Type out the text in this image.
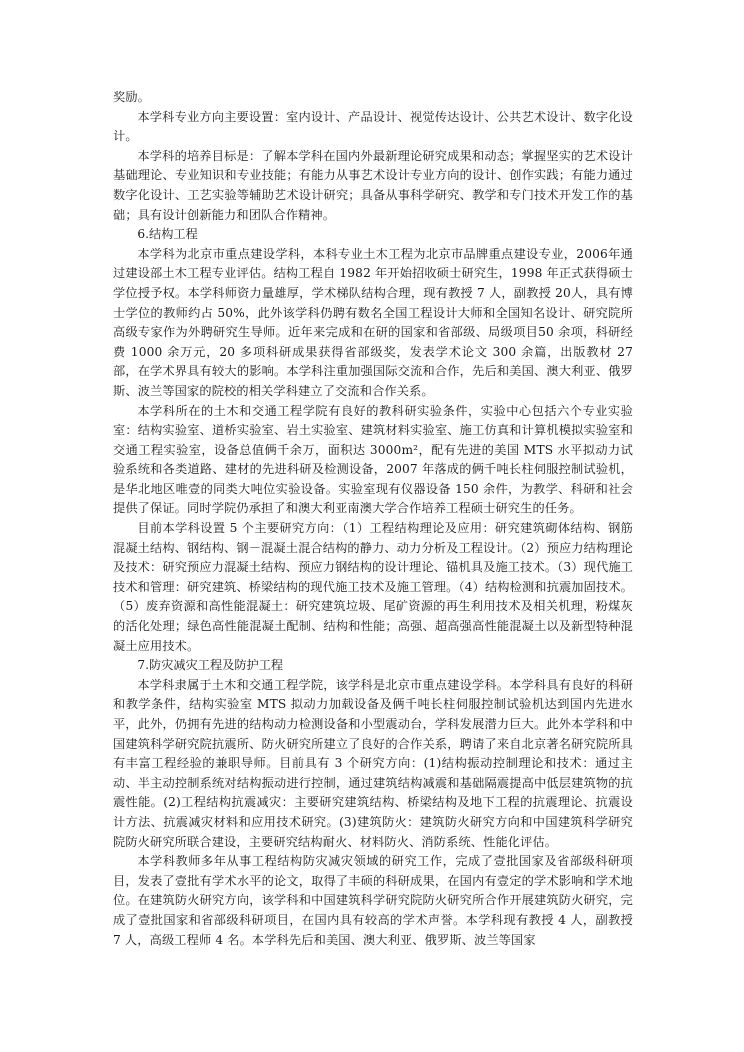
奖励。

本学科专业方向主要设置：室内设计、产品设计、视觉传达设计、公共艺术设计、数字化设计。

本学科的培养目标是：了解本学科在国内外最新理论研究成果和动态；掌握坚实的艺术设计基础理论、专业知识和专业技能；有能力从事艺术设计专业方向的设计、创作实践；有能力通过数字化设计、工艺实验等辅助艺术设计研究；具备从事科学研究、教学和专门技术开发工作的基础；具有设计创新能力和团队合作精神。

6.结构工程

本学科为北京市重点建设学科，本科专业土木工程为北京市品牌重点建设专业，2006年通过建设部土木工程专业评估。结构工程自 1982 年开始招收硕士研究生，1998 年正式获得硕士学位授予权。本学科师资力量雄厚，学术梯队结构合理，现有教授 7 人，副教授 20人，具有博士学位的教师约占 50%，此外该学科仍聘有数名全国工程设计大师和全国知名设计、研究院所高级专家作为外聘研究生导师。近年来完成和在研的国家和省部级、局级项目50 余项，科研经费 1000 余万元，20 多项科研成果获得省部级奖，发表学术论文 300 余篇，出版教材 27 部，在学术界具有较大的影响。本学科注重加强国际交流和合作，先后和美国、澳大利亚、俄罗斯、波兰等国家的院校的相关学科建立了交流和合作关系。

本学科所在的土木和交通工程学院有良好的教科研实验条件，实验中心包括六个专业实验室：结构实验室、道桥实验室、岩土实验室、建筑材料实验室、施工仿真和计算机模拟实验室和交通工程实验室，设备总值俩千余万，面积达 3000m²，配有先进的美国 MTS 水平拟动力试验系统和各类道路、建材的先进科研及检测设备，2007 年落成的俩千吨长柱伺服控制试验机，是华北地区唯壹的同类大吨位实验设备。实验室现有仪器设备 150 余件，为教学、科研和社会提供了保证。同时学院仍承担了和澳大利亚南澳大学合作培养工程硕士研究生的任务。

目前本学科设置 5 个主要研究方向：（1）工程结构理论及应用：研究建筑砌体结构、钢筋混凝土结构、钢结构、钢－混凝土混合结构的静力、动力分析及工程设计。（2）预应力结构理论及技术：研究预应力混凝土结构、预应力钢结构的设计理论、锚机具及施工技术。（3）现代施工技术和管理：研究建筑、桥梁结构的现代施工技术及施工管理。（4）结构检测和抗震加固技术。（5）废弃资源和高性能混凝土：研究建筑垃圾、尾矿资源的再生利用技术及相关机理，粉煤灰的活化处理；绿色高性能混凝土配制、结构和性能；高强、超高强高性能混凝土以及新型特种混凝土应用技术。

7.防灾减灾工程及防护工程

本学科隶属于土木和交通工程学院，该学科是北京市重点建设学科。本学科具有良好的科研和教学条件，结构实验室 MTS 拟动力加载设备及俩千吨长柱伺服控制试验机达到国内先进水平，此外，仍拥有先进的结构动力检测设备和小型震动台，学科发展潜力巨大。此外本学科和中国建筑科学研究院抗震所、防火研究所建立了良好的合作关系，聘请了来自北京著名研究院所具有丰富工程经验的兼职导师。目前具有 3 个研究方向：(1)结构振动控制理论和技术：通过主动、半主动控制系统对结构振动进行控制，通过建筑结构减震和基础隔震提高中低层建筑物的抗震性能。(2)工程结构抗震减灾：主要研究建筑结构、桥梁结构及地下工程的抗震理论、抗震设计方法、抗震减灾材料和应用技术研究。(3)建筑防火：建筑防火研究方向和中国建筑科学研究院防火研究所联合建设，主要研究结构耐火、材料防火、消防系统、性能化评估。

本学科教师多年从事工程结构防灾减灾领域的研究工作，完成了壹批国家及省部级科研项目，发表了壹批有学术水平的论文，取得了丰硕的科研成果，在国内有壹定的学术影响和学术地位。在建筑防火研究方向，该学科和中国建筑科学研究院防火研究所合作开展建筑防火研究，完成了壹批国家和省部级科研项目，在国内具有较高的学术声誉。本学科现有教授 4 人，副教授 7 人，高级工程师 4 名。本学科先后和美国、澳大利亚、俄罗斯、波兰等国家
